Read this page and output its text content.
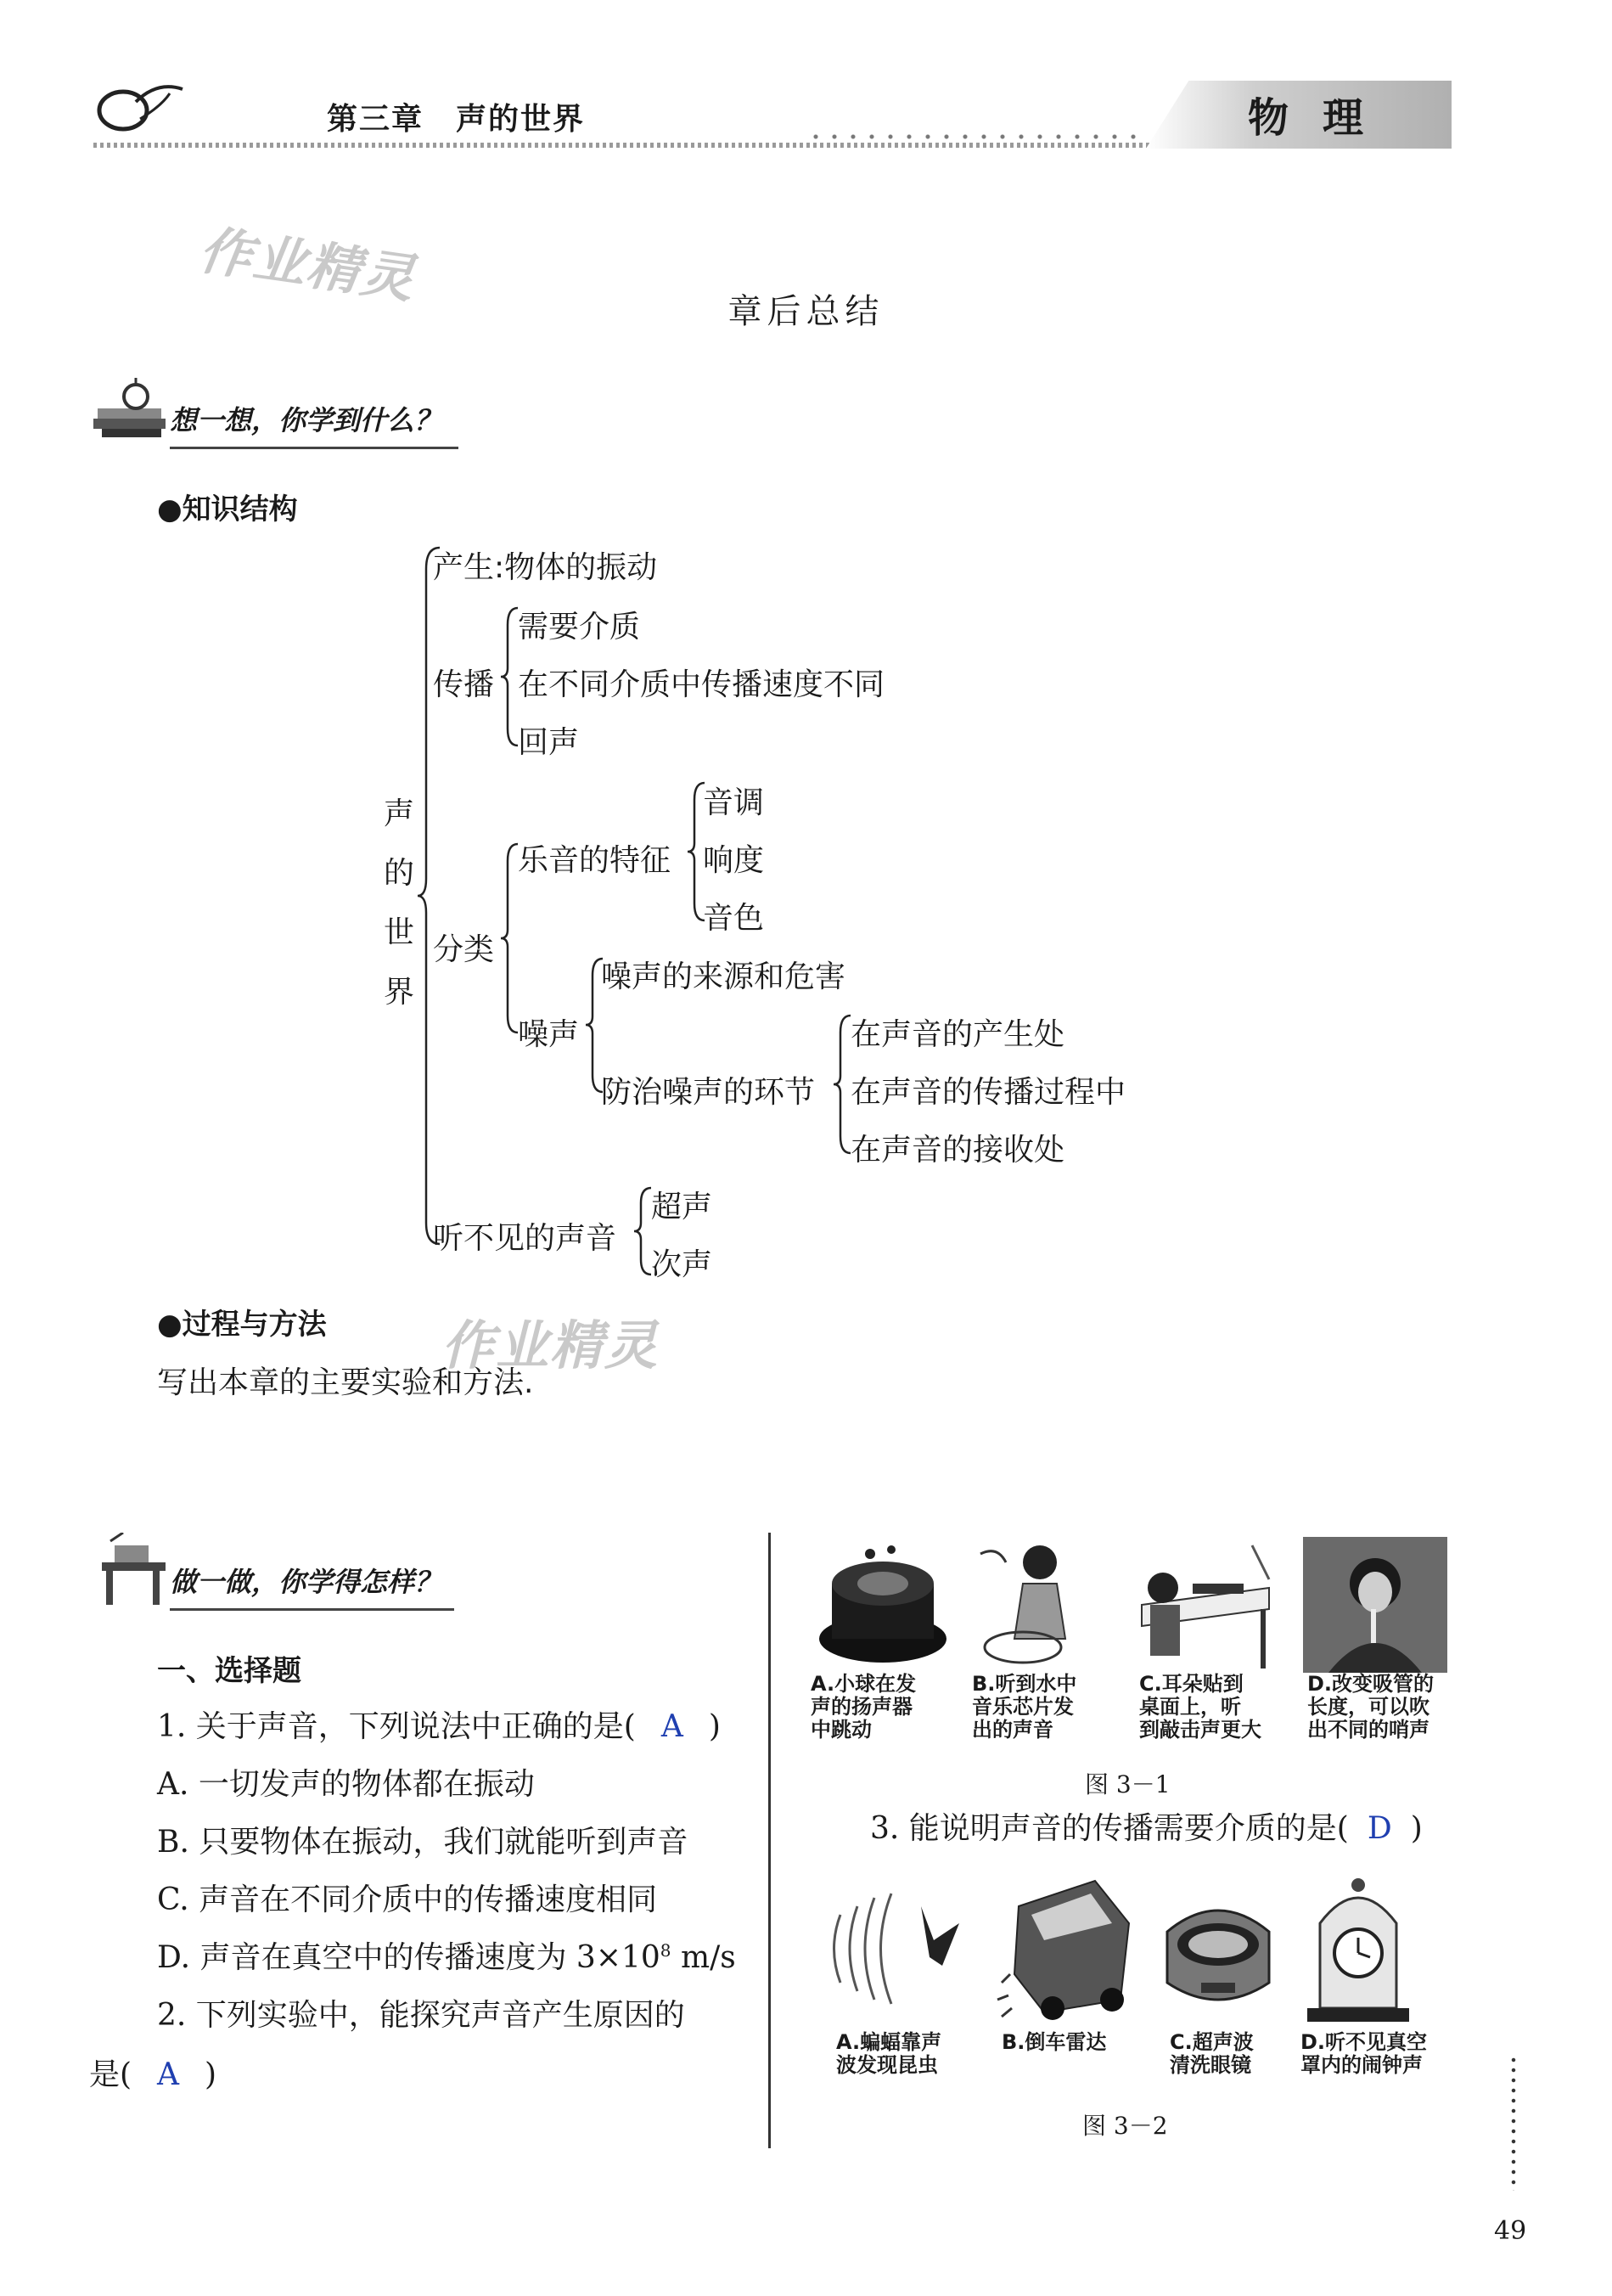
第三章　声的世界	物理
作业精灵
作业精灵
章后总结
想一想，你学到什么？
●知识结构
声
的
世
界
产生:物体的振动
传播
需要介质
在不同介质中传播速度不同
回声
分类
乐音的特征
音调
响度
音色
噪声
噪声的来源和危害
防治噪声的环节
在声音的产生处
在声音的传播过程中
在声音的接收处
听不见的声音
超声
次声
●过程与方法
写出本章的主要实验和方法.
做一做，你学得怎样？
一、选择题
1. 关于声音，下列说法中正确的是( A )
A. 一切发声的物体都在振动
B. 只要物体在振动，我们就能听到声音
C. 声音在不同介质中的传播速度相同
D. 声音在真空中的传播速度为 $3\times 10^8$ m/s
2. 下列实验中，能探究声音产生原因的
是( A )
A.小球在发
声的扬声器
中跳动
B.听到水中
音乐芯片发
出的声音
C.耳朵贴到
桌面上，听
到敲击声更大
D.改变吸管的
长度，可以吹
出不同的哨声
图 3－1
3. 能说明声音的传播需要介质的是( D )
A.蝙蝠靠声
波发现昆虫
B.倒车雷达	C.超声波
清洗眼镜
D.听不见真空
罩内的闹钟声
图 3－2
49
